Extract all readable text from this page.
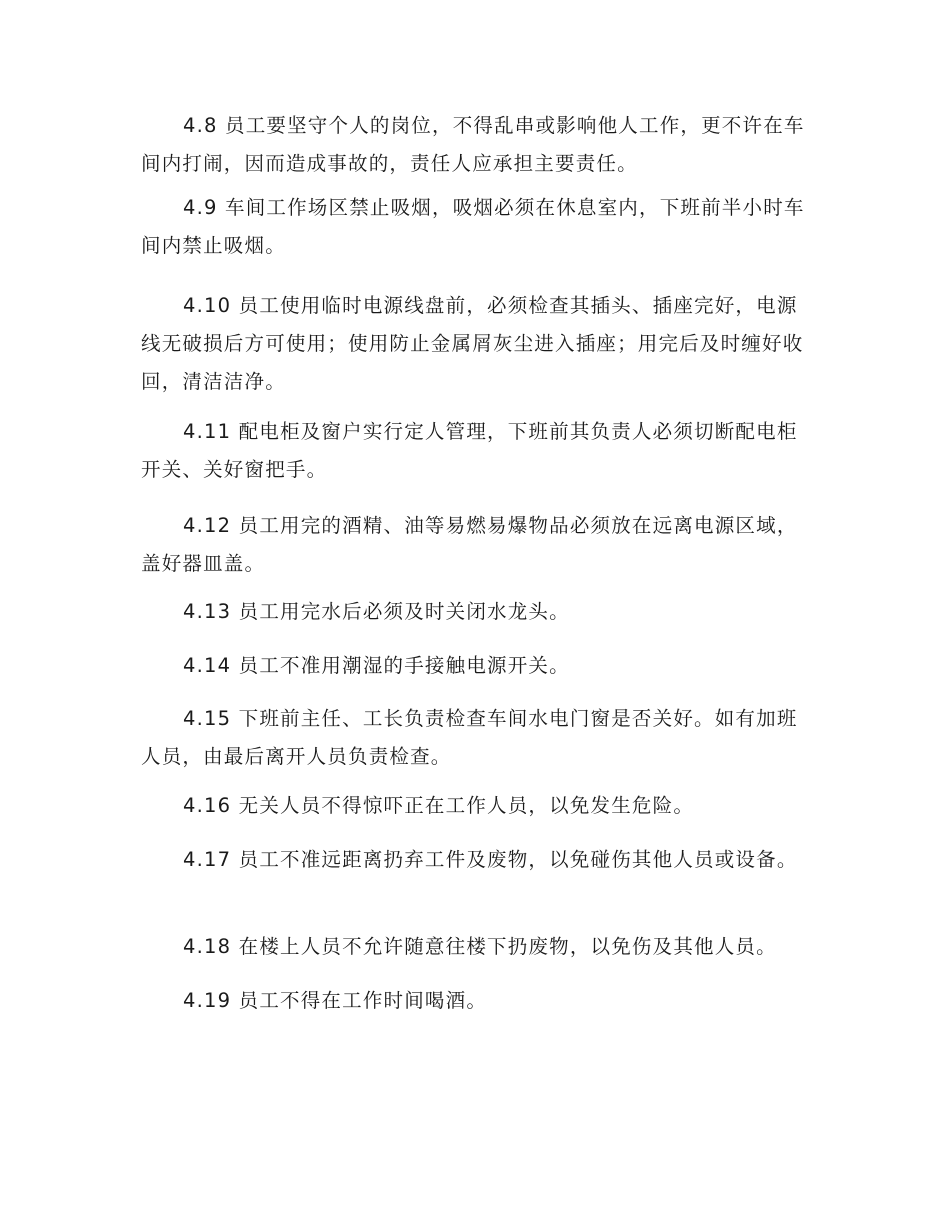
4.8 员工要坚守个人的岗位，不得乱串或影响他人工作，更不许在车间内打闹，因而造成事故的，责任人应承担主要责任。

4.9 车间工作场区禁止吸烟，吸烟必须在休息室内，下班前半小时车间内禁止吸烟。

4.10 员工使用临时电源线盘前，必须检查其插头、插座完好，电源线无破损后方可使用；使用防止金属屑灰尘进入插座；用完后及时缠好收回，清洁洁净。

4.11 配电柜及窗户实行定人管理，下班前其负责人必须切断配电柜开关、关好窗把手。

4.12 员工用完的酒精、油等易燃易爆物品必须放在远离电源区域，盖好器皿盖。

4.13 员工用完水后必须及时关闭水龙头。

4.14 员工不准用潮湿的手接触电源开关。

4.15 下班前主任、工长负责检查车间水电门窗是否关好。如有加班人员，由最后离开人员负责检查。

4.16 无关人员不得惊吓正在工作人员，以免发生危险。

4.17 员工不准远距离扔弃工件及废物，以免碰伤其他人员或设备。

4.18 在楼上人员不允许随意往楼下扔废物，以免伤及其他人员。

4.19 员工不得在工作时间喝酒。
